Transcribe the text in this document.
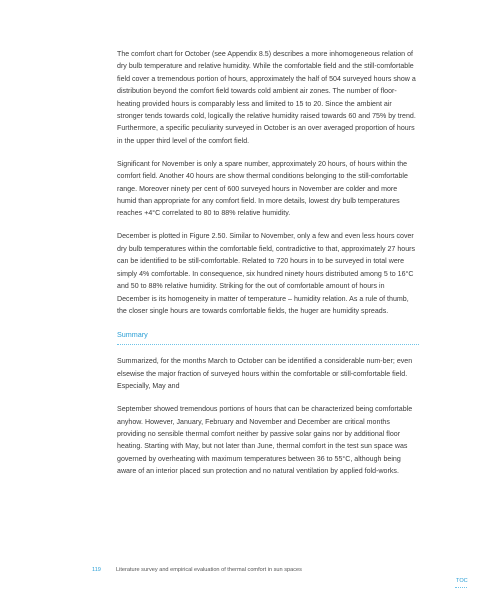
The comfort chart for October (see Appendix 8.5) describes a more inhomogeneous relation of dry bulb temperature and relative humidity. While the comfortable field and the still-comfortable field cover a tremendous portion of hours, approximately the half of 504 surveyed hours show a distribution beyond the comfort field towards cold ambient air zones. The number of floor-heating provided hours is comparably less and limited to 15 to 20. Since the ambient air stronger tends towards cold, logically the relative humidity raised towards 60 and 75% by trend. Furthermore, a specific peculiarity surveyed in October is an over averaged proportion of hours in the upper third level of the comfort field.

Significant for November is only a spare number, approximately 20 hours, of hours within the comfort field. Another 40 hours are show thermal conditions belonging to the still-comfortable range. Moreover ninety per cent of 600 surveyed hours in November are colder and more humid than appropriate for any comfort field. In more details, lowest dry bulb temperatures reaches +4°C correlated to 80 to 88% relative humidity.

December is plotted in Figure 2.50. Similar to November, only a few and even less hours cover dry bulb temperatures within the comfortable field, contradictive to that, approximately 27 hours can be identified to be still-comfortable. Related to 720 hours in to be surveyed in total were simply 4% comfortable. In consequence, six hundred ninety hours distributed among 5 to 16°C and 50 to 88% relative humidity. Striking for the out of comfortable amount of hours in December is its homogeneity in matter of temperature – humidity relation. As a rule of thumb, the closer single hours are towards comfortable fields, the huger are humidity spreads.

Summary

Summarized, for the months March to October can be identified a considerable num-ber; even elsewise the major fraction of surveyed hours within the comfortable or still-comfortable field. Especially, May and

September showed tremendous portions of hours that can be characterized being comfortable anyhow. However, January, February and November and December are critical months providing no sensible thermal comfort neither by passive solar gains nor by additional floor heating. Starting with May, but not later than June, thermal comfort in the test sun space was governed by overheating with maximum temperatures between 36 to 55°C, although being aware of an interior placed sun protection and no natural ventilation by applied fold-works.

119	Literature survey and empirical evaluation of thermal comfort in sun spaces
TOC
